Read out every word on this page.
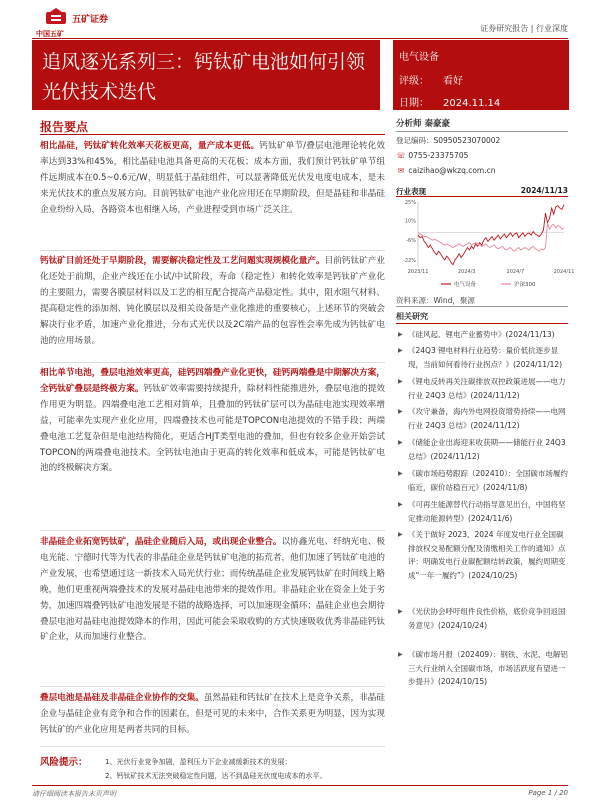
中国五矿
五矿证券
证券研究报告 | 行业深度
追风逐光系列三：钙钛矿电池如何引领光伏技术迭代
电气设备
评级： 看好
日期： 2024.11.14
报告要点
相比晶硅，钙钛矿转化效率天花板更高，量产成本更低。钙钛矿单节/叠层电池理论转化效率达到33%和45%，相比晶硅电池具备更高的天花板；成本方面，我们预计钙钛矿单节组件远期成本在0.5~0.6元/W，明显低于晶硅组件，可以显著降低光伏发电度电成本，是未来光伏技术的重点发展方向。目前钙钛矿电池产业化应用还在早期阶段，但是晶硅和非晶硅企业纷纷入局，各路资本也相继入场，产业进程受到市场广泛关注。
钙钛矿目前还处于早期阶段，需要解决稳定性及工艺问题实现规模化量产。目前钙钛矿产业化还处于前期，企业产线还在小试/中试阶段，寿命（稳定性）和转化效率是钙钛矿产业化的主要阻力，需要各膜层材料以及工艺的相互配合提高产品稳定性。其中，阻水阻气材料、提高稳定性的添加剂、钝化膜层以及相关设备是产业化推进的重要核心，上述环节的突破会解决行业矛盾，加速产业化推进，分布式光伏以及2C端产品的包容性会率先成为钙钛矿电池的应用场景。
相比单节电池，叠层电池效率更高，硅钙四端叠产业化更快，硅钙两端叠是中期解决方案，全钙钛矿叠层是终极方案。钙钛矿效率需要持续提升，除材料性能推进外，叠层电池的提效作用更为明显。四端叠电池工艺相对简单，且叠加的钙钛矿层可以为晶硅电池实现效率增益，可能率先实现产业化应用，四端叠技术也可能是TOPCON电池提效的不错手段；两端叠电池工艺复杂但是电池结构简化，更适合HJT类型电池的叠加，但也有较多企业开始尝试TOPCON的两端叠电池技术。全钙钛电池由于更高的转化效率和低成本，可能是钙钛矿电池的终极解决方案。
非晶硅企业拓宽钙钛矿，晶硅企业随后入局，或出现企业整合。以协鑫光电、纤纳光电、极电光能、宁德时代等为代表的非晶硅企业是钙钛矿电池的拓荒者，他们加速了钙钛矿电池的产业发展，也希望通过这一新技术入局光伏行业；而传统晶硅企业发展钙钛矿在时间线上略晚，他们更重视两端叠技术的发展对晶硅电池带来的提效作用。非晶硅企业在资金上处于劣势，加速四端叠钙钛矿电池发展是不错的战略选择，可以加速现金循环；晶硅企业也会期待叠层电池对晶硅电池提效降本的作用，因此可能会采取收购的方式快速吸收优秀非晶硅钙钛矿企业，从而加速行业整合。
叠层电池是晶硅及非晶硅企业协作的交集。虽然晶硅和钙钛矿在技术上是竞争关系，非晶硅企业与晶硅企业有竞争和合作的因素在，但是可见的未来中，合作关系更为明显，因为实现钙钛矿的产业化应用是两者共同的目标。
风险提示： 1、光伏行业竞争加剧，盈利压力下企业减缓新技术的发展；
2、钙钛矿技术无法突破稳定性问题，达不到晶硅光伏度电成本的水平。
分析师 秦豪豪
登记编码：S0950523070002
☏ 0755-23375705
✉ caizihao@wkzq.com.cn
行业表现	2024/11/13
25%
10%
-6%
-22%
2023/11	2024/3	2024/7	2024/11
电气设备	沪深300
资料来源：Wind，聚源
相关研究
▶ 《硅风起、锂电产业蓄势中》(2024/11/13)
▶ 《24Q3 锂电材料行业趋势：量价低抗逐步显现，当前如何看待行业拐点？》(2024/11/12)
▶ 《锂电反转再关注碳排放双控政策进展——电力行业 24Q3 总结》(2024/11/12)
▶ 《攻守兼备，海内外电网投资增势持续——电网行业 24Q3 总结》(2024/11/12)
▶ 《储能企业出海迎来收获期——储能行业 24Q3 总结》(2024/11/12)
▶ 《碳市场趋势跟踪（202410）：全国碳市场履约临近，碳价站稳百元》(2024/11/8)
▶ 《可再生能源替代行动指导意见出台，中国将坚定推动能源转型》(2024/11/6)
▶ 《关于做好 2023、2024 年度发电行业全国碳排放权交易配额分配及清缴相关工作的通知》点评：明确发电行业碳配额结转政策，履约周期变成“一年一履约”》(2024/10/25)
▶ 《光伏协会呼吁组件良性价格，底价竞争回返国务意见》(2024/10/24)
▶ 《碳市场月报（202409）：钢铁、水泥、电解铝三大行业纳入全国碳市场，市场活跃度有望进一步提升》(2024/10/15)
请仔细阅读本报告末页声明	Page 1 / 20
